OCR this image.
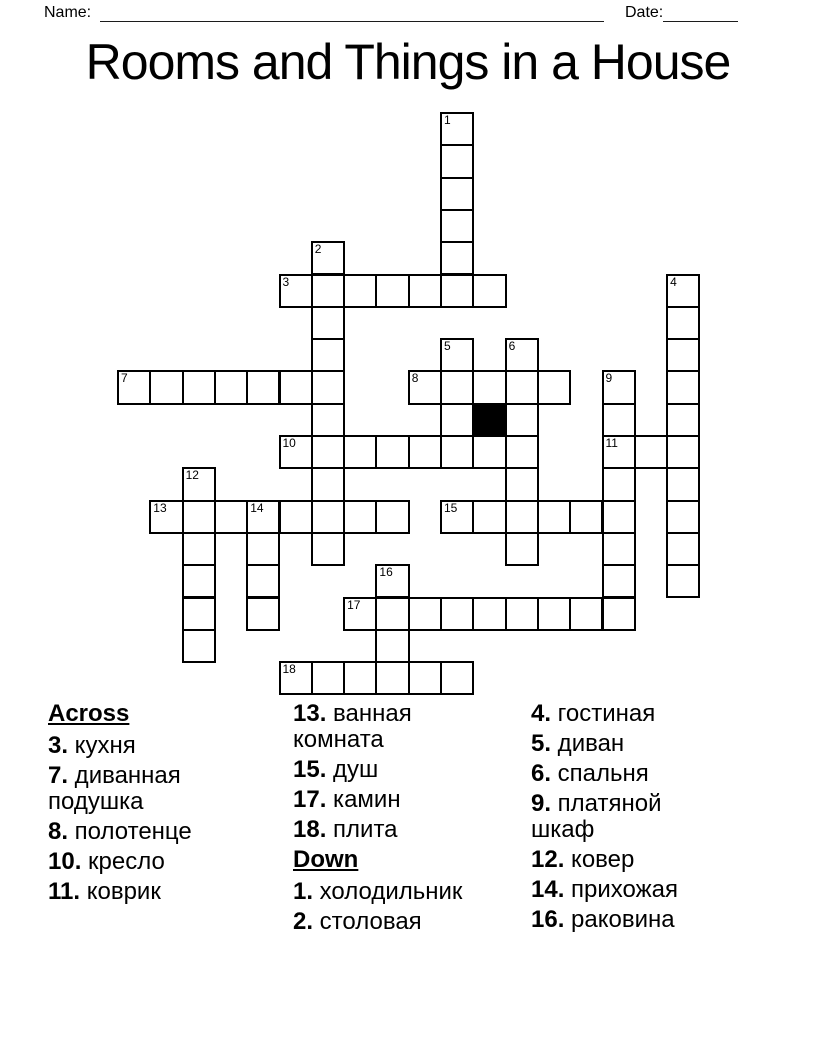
Name:	Date:
Rooms and Things in a House
1
2
3	4
5	6
7	8	9
10	11
12
13	14	15
16
17
18
Across
3. кухня
7. диванная подушка
8. полотенце
10. кресло
11. коврик
13. ванная комната
15. душ
17. камин
18. плита
Down
1. холодильник
2. столовая
4. гостиная
5. диван
6. спальня
9. платяной шкаф
12. ковер
14. прихожая
16. раковина
